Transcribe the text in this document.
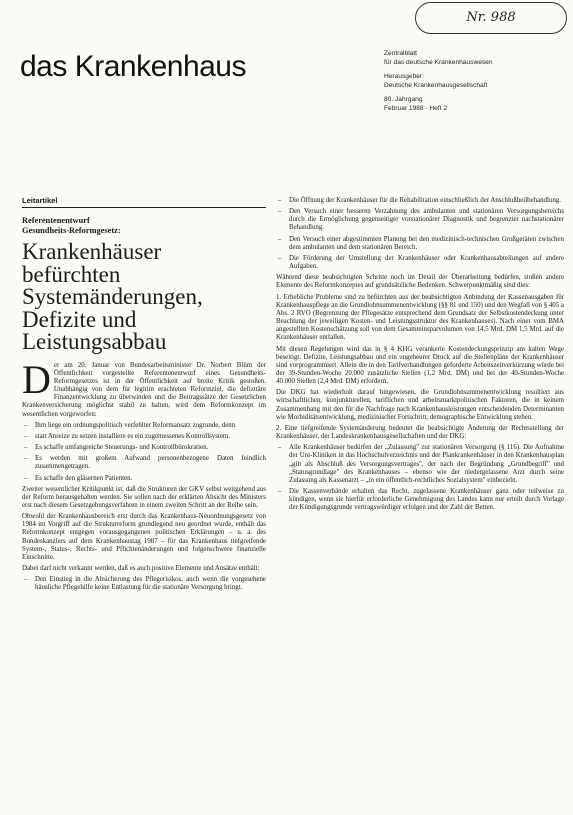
Nr. 988
das Krankenhaus	Zentralblatt
für das deutsche Krankenhauswesen
Herausgeber:
Deutsche Krankenhausgesellschaft
80. Jahrgang
Februar 1988 · Heft 2
Leitartikel
Referentenentwurf
Gesundheits-Reformgesetz:
Krankenhäuser
befürchten
Systemänderungen,
Defizite und
Leistungsabbau

Der am 20. Januar von Bundesarbeitsminister Dr. Norbert Blüm der Öffentlichkeit vorgestellte Referentenentwurf eines Gesundheits-Reformgesetzes ist in der Öffentlichkeit auf breite Kritik gestoßen. Unabhängig von dem für legitim erachteten Reformziel, die defizitäre Finanzentwicklung zu überwinden und die Beitragssätze der Gesetzlichen Krankenversicherung möglichst stabil zu halten, wird dem Reformkonzept im wesentlichen vorgeworfen:

– Ihm liege ein ordnungspolitisch verfehlter Reformansatz zugrunde, denn
– statt Anreize zu setzen installiere es ein zugemessenes Kontrollsystem.
– Es schaffe umfangreiche Steuerungs- und Kontrollbürokratien.
– Es werden mit großem Aufwand personenbezogene Daten feindlich zusammengetragen.
– Es schaffe den gläsernen Patienten.

Zweiter wesentlicher Kritikpunkt ist, daß die Strukturen der GKV selbst weitgehend aus der Reform herausgehalten werden. Sie sollen nach der erklärten Absicht des Ministers erst nach diesem Gesetzgebungsverfahren in einem zweiten Schritt an der Reihe sein.

Obwohl der Krankenhausbereich erst durch das Krankenhaus-Neuordnungsgesetz von 1984 im Vorgriff auf die Strukturreform grundlegend neu geordnet wurde, enthält das Reformkonzept entgegen vorausgegangenen politischen Erklärungen – u. a. des Bundeskanzlers auf dem Krankenhaustag 1987 – für das Krankenhaus tiefgreifende System-, Status-, Rechts- und Pflichtenänderungen und folgenschwere finanzielle Einschnitte.

Dabei darf nicht verkannt werden, daß es auch positive Elemente und Ansätze enthält:

– Den Einstieg in die Absicherung des Pflegerisikos, auch wenn die vorgesehene häusliche Pflegehilfe keine Entlastung für die stationäre Versorgung bringt.
– Die Öffnung der Krankenhäuser für die Rehabilitation einschließlich der Anschlußheilbehandlung.
– Den Versuch einer besseren Verzahnung des ambulanten und stationären Versorgungsbereichs durch die Ermöglichung gegenseitiger vorstationärer Diagnostik und begrenzter nachstationärer Behandlung.
– Den Versuch einer abgestimmten Planung bei den medizinisch-technischen Großgeräten zwischen dem ambulanten und dem stationären Bereich.
– Die Förderung der Umstellung der Krankenhäuser oder Krankenhausabteilungen auf andere Aufgaben.

Während diese beabsichtigten Schritte noch im Detail der Überarbeitung bedürfen, stoßen andere Elemente des Reformkonzeptes auf grundsätzliche Bedenken. Schwerpunktmäßig sind dies:

1. Erhebliche Probleme sind zu befürchten aus der beabsichtigten Anbindung der Kassenausgaben für Krankenhauspflege an die Grundlohnsummenentwicklung (§§ 81 und 150) und den Wegfall von § 405 a Abs. 2 RVO (Begrenzung der Pflegesätze entsprechend dem Grundsatz der Selbstkostendeckung unter Beachtung der jeweiligen Kosten- und Leistungsstruktur des Krankenhauses). Nach einer vom BMA angestellten Kostenschätzung soll von dem Gesamteinsparvolumen von 14,5 Mrd. DM 1,5 Mrd. auf die Krankenhäuser entfallen.

Mit diesen Regelungen wird das in § 4 KHG verankerte Kostendeckungsprinzip am kalten Wege beseitigt. Defizite, Leistungsabbau und ein ungeheurer Druck auf die Stellenpläne der Krankenhäuser sind vorprogrammiert. Allein die in den Tarifverhandlungen geforderte Arbeitszeitverkürzung würde bei der 39-Stunden-Woche 20.000 zusätzliche Stellen (1,2 Mrd. DM) und bei der 40-Stunden-Woche 40.000 Stellen (2,4 Mrd. DM) erfordern.

Die DKG hat wiederholt darauf hingewiesen, die Grundlohnsummenentwicklung resultiert aus wirtschaftlichen, konjunkturellen, tariflichen und arbeitsmarktpolitischen Faktoren, die in keinem Zusammenhang mit den für die Nachfrage nach Krankenhausleistungen entscheidenden Determinanten wie Morbiditätsentwicklung, medizinischer Fortschritt, demographische Entwicklung stehen.

2. Eine tiefgreifende Systemänderung bedeutet die beabsichtigte Änderung der Rechtsstellung der Krankenhäuser, der Landeskrankenhausgesellschaften und der DKG:

– Alle Krankenhäuser bedürfen der „Zulassung" zur stationären Versorgung (§ 116). Die Aufnahme der Uni-Kliniken in das Hochschulverzeichnis und der Plankrankenhäuser in den Krankenhausplan „gilt als Abschluß des Versorgungsvertrages", der nach der Begründung „Grundbegriff" und „Statusgrundlage" des Krankenhauses – ebenso wie der niedergelassene Arzt durch seine Zulassung als Kassenarzt – „in ein öffentlich-rechtliches Sozialsystem" einbezieht.
– Die Kassenverbände erhalten das Recht, zugelassene Krankenhäuser ganz oder teilweise zu kündigen, wenn sie hierfür erforderliche Genehmigung des Landes kann nur erteilt durch Vorlage der Kündigungsgrunde vertragswürdiger erfolgen und der Zahl der Betten.
